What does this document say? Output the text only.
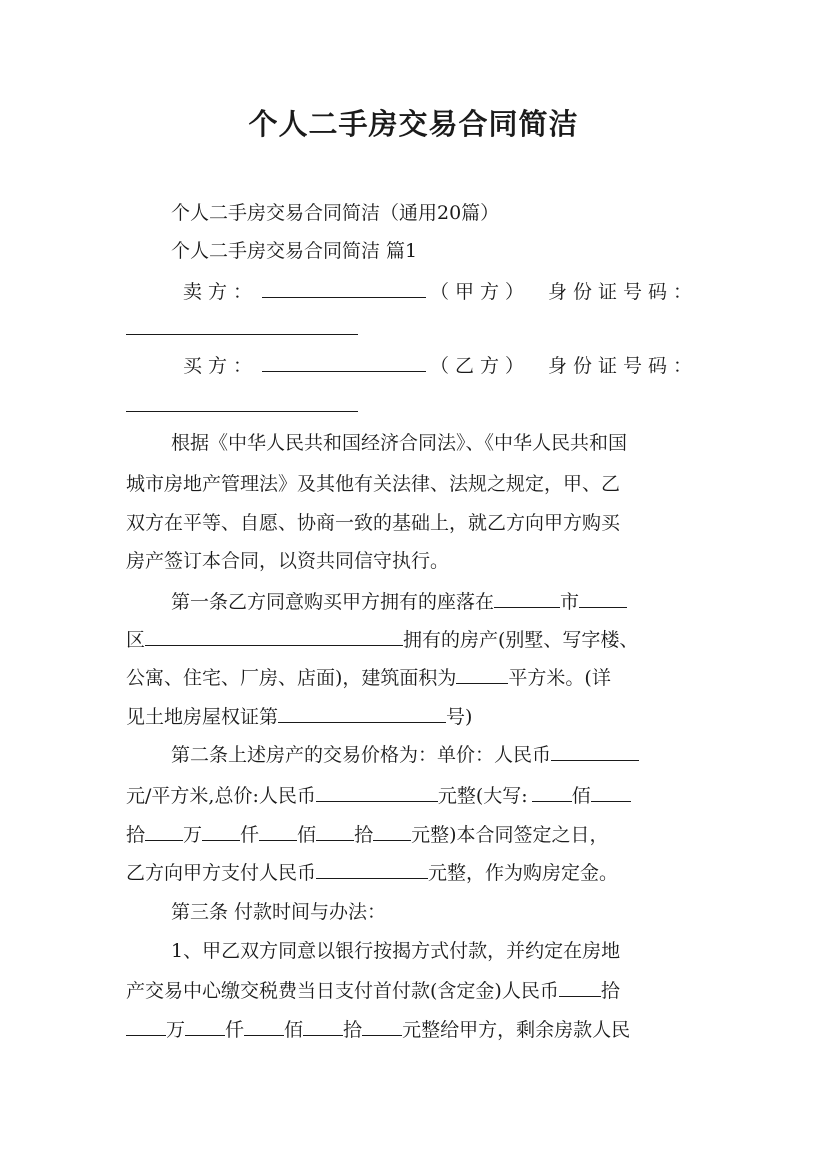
个人二手房交易合同简洁
个人二手房交易合同简洁（通用20篇）
个人二手房交易合同简洁 篇1
卖方：	（甲方） 身份证号码：
买方：	（乙方） 身份证号码：
根据《中华人民共和国经济合同法》、《中华人民共和国
城市房地产管理法》及其他有关法律、法规之规定，甲、乙
双方在平等、自愿、协商一致的基础上，就乙方向甲方购买
房产签订本合同，以资共同信守执行。
第一条乙方同意购买甲方拥有的座落在	市
区	拥有的房产(别墅、写字楼、
公寓、住宅、厂房、店面)，建筑面积为	平方米。(详
见土地房屋权证第	号)
第二条上述房产的交易价格为：单价：人民币
元/平方米,总价:人民币	元整(大写: 佰
拾 万 仟 佰 拾 元整)本合同签定之日，
乙方向甲方支付人民币	元整，作为购房定金。
第三条 付款时间与办法：
1、甲乙双方同意以银行按揭方式付款，并约定在房地
产交易中心缴交税费当日支付首付款(含定金)人民币 拾
万 仟 佰 拾 元整给甲方，剩余房款人民
